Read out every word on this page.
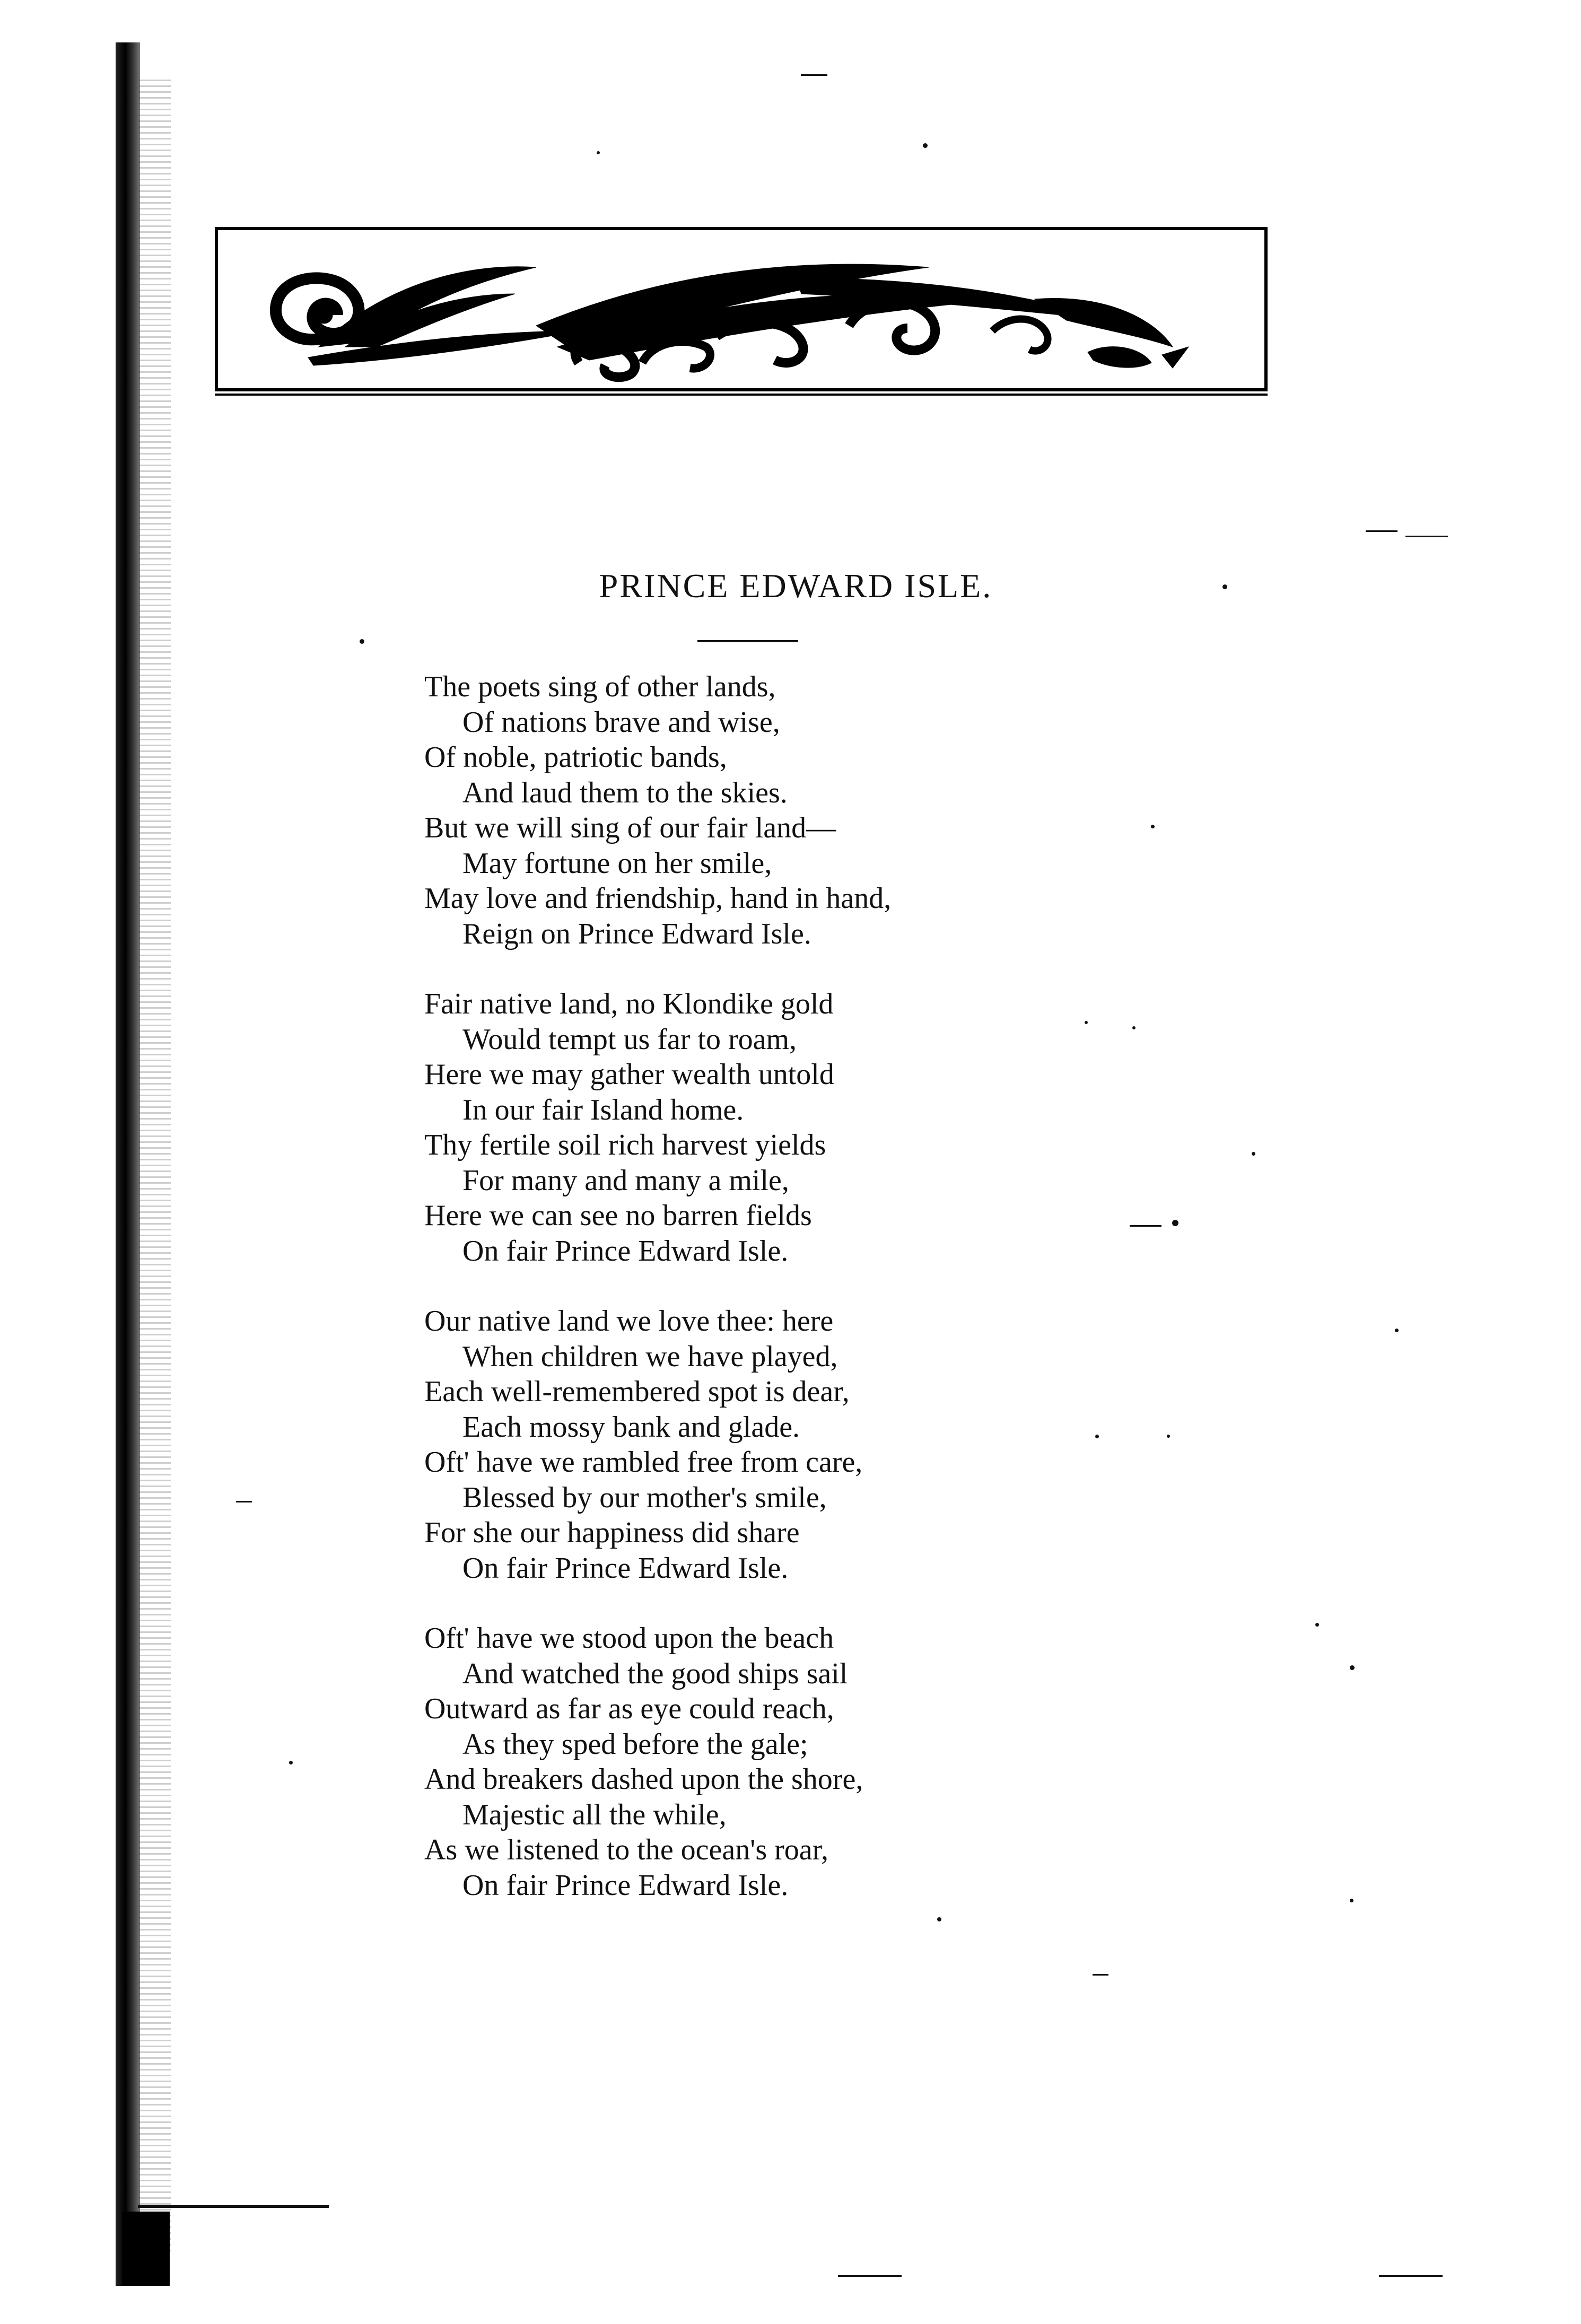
PRINCE EDWARD ISLE.
The poets sing of other lands,
Of nations brave and wise,
Of noble, patriotic bands,
And laud them to the skies.
But we will sing of our fair land—
May fortune on her smile,
May love and friendship, hand in hand,
Reign on Prince Edward Isle.
Fair native land, no Klondike gold
Would tempt us far to roam,
Here we may gather wealth untold
In our fair Island home.
Thy fertile soil rich harvest yields
For many and many a mile,
Here we can see no barren fields
On fair Prince Edward Isle.
Our native land we love thee: here
When children we have played,
Each well-remembered spot is dear,
Each mossy bank and glade.
Oft' have we rambled free from care,
Blessed by our mother's smile,
For she our happiness did share
On fair Prince Edward Isle.
Oft' have we stood upon the beach
And watched the good ships sail
Outward as far as eye could reach,
As they sped before the gale;
And breakers dashed upon the shore,
Majestic all the while,
As we listened to the ocean's roar,
On fair Prince Edward Isle.
